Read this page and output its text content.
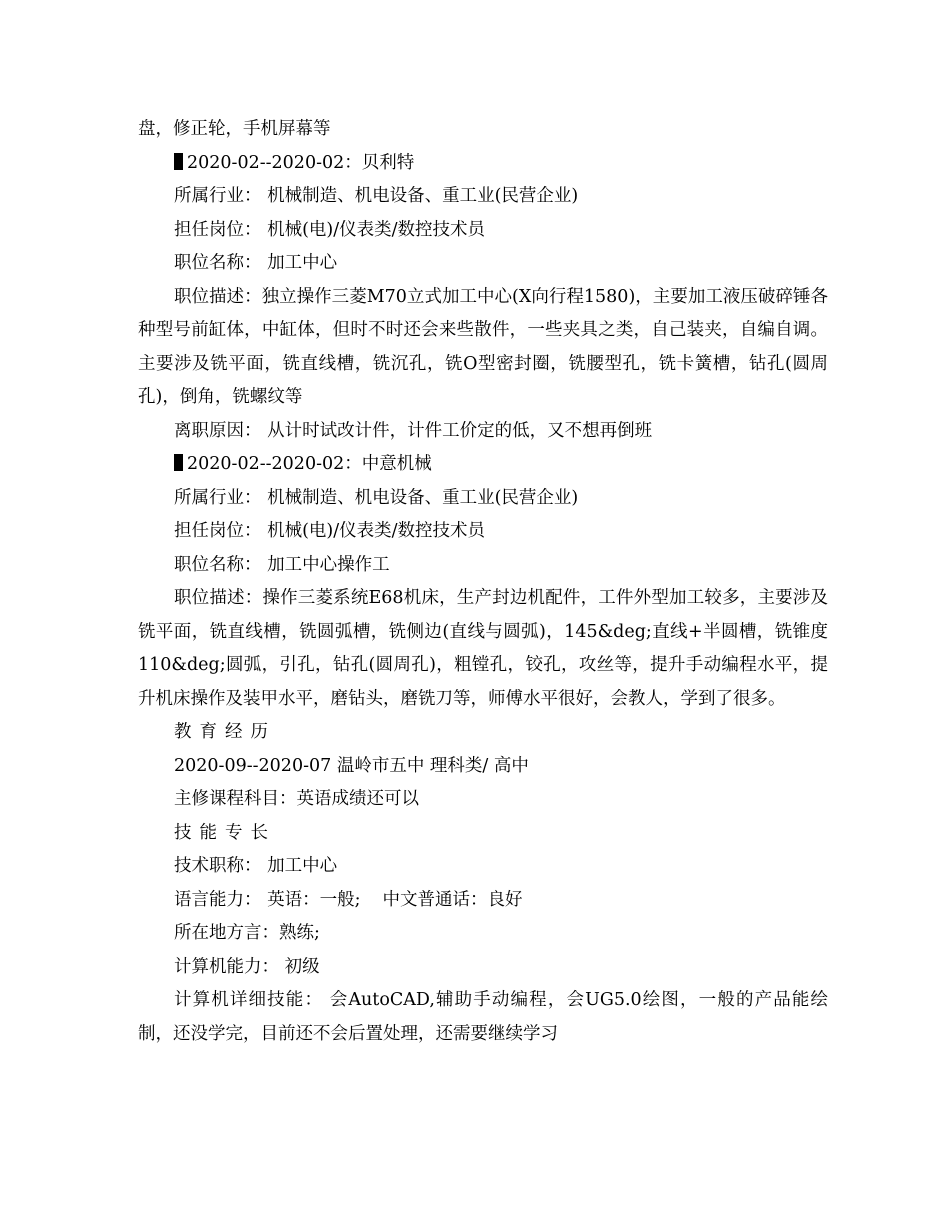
盘，修正轮，手机屏幕等

2020-02--2020-02：贝利特

所属行业： 机械制造、机电设备、重工业(民营企业)

担任岗位： 机械(电)/仪表类/数控技术员

职位名称： 加工中心

职位描述：独立操作三菱M70立式加工中心(X向行程1580)，主要加工液压破碎锤各种型号前缸体，中缸体，但时不时还会来些散件，一些夹具之类，自己装夹，自编自调。主要涉及铣平面，铣直线槽，铣沉孔，铣O型密封圈，铣腰型孔，铣卡簧槽，钻孔(圆周孔)，倒角，铣螺纹等

离职原因： 从计时试改计件，计件工价定的低，又不想再倒班

2020-02--2020-02：中意机械

所属行业： 机械制造、机电设备、重工业(民营企业)

担任岗位： 机械(电)/仪表类/数控技术员

职位名称： 加工中心操作工

职位描述：操作三菱系统E68机床，生产封边机配件，工件外型加工较多，主要涉及铣平面，铣直线槽，铣圆弧槽，铣侧边(直线与圆弧)，145&deg;直线+半圆槽，铣锥度110&deg;圆弧，引孔，钻孔(圆周孔)，粗镗孔，铰孔，攻丝等，提升手动编程水平，提升机床操作及装甲水平，磨钻头，磨铣刀等，师傅水平很好，会教人，学到了很多。

教育经历

2020-09--2020-07 温岭市五中 理科类/ 高中

主修课程科目：英语成绩还可以

技能专长

技术职称： 加工中心

语言能力： 英语：一般; 中文普通话：良好

所在地方言：熟练;

计算机能力： 初级

计算机详细技能： 会AutoCAD,辅助手动编程，会UG5.0绘图，一般的产品能绘制，还没学完，目前还不会后置处理，还需要继续学习
